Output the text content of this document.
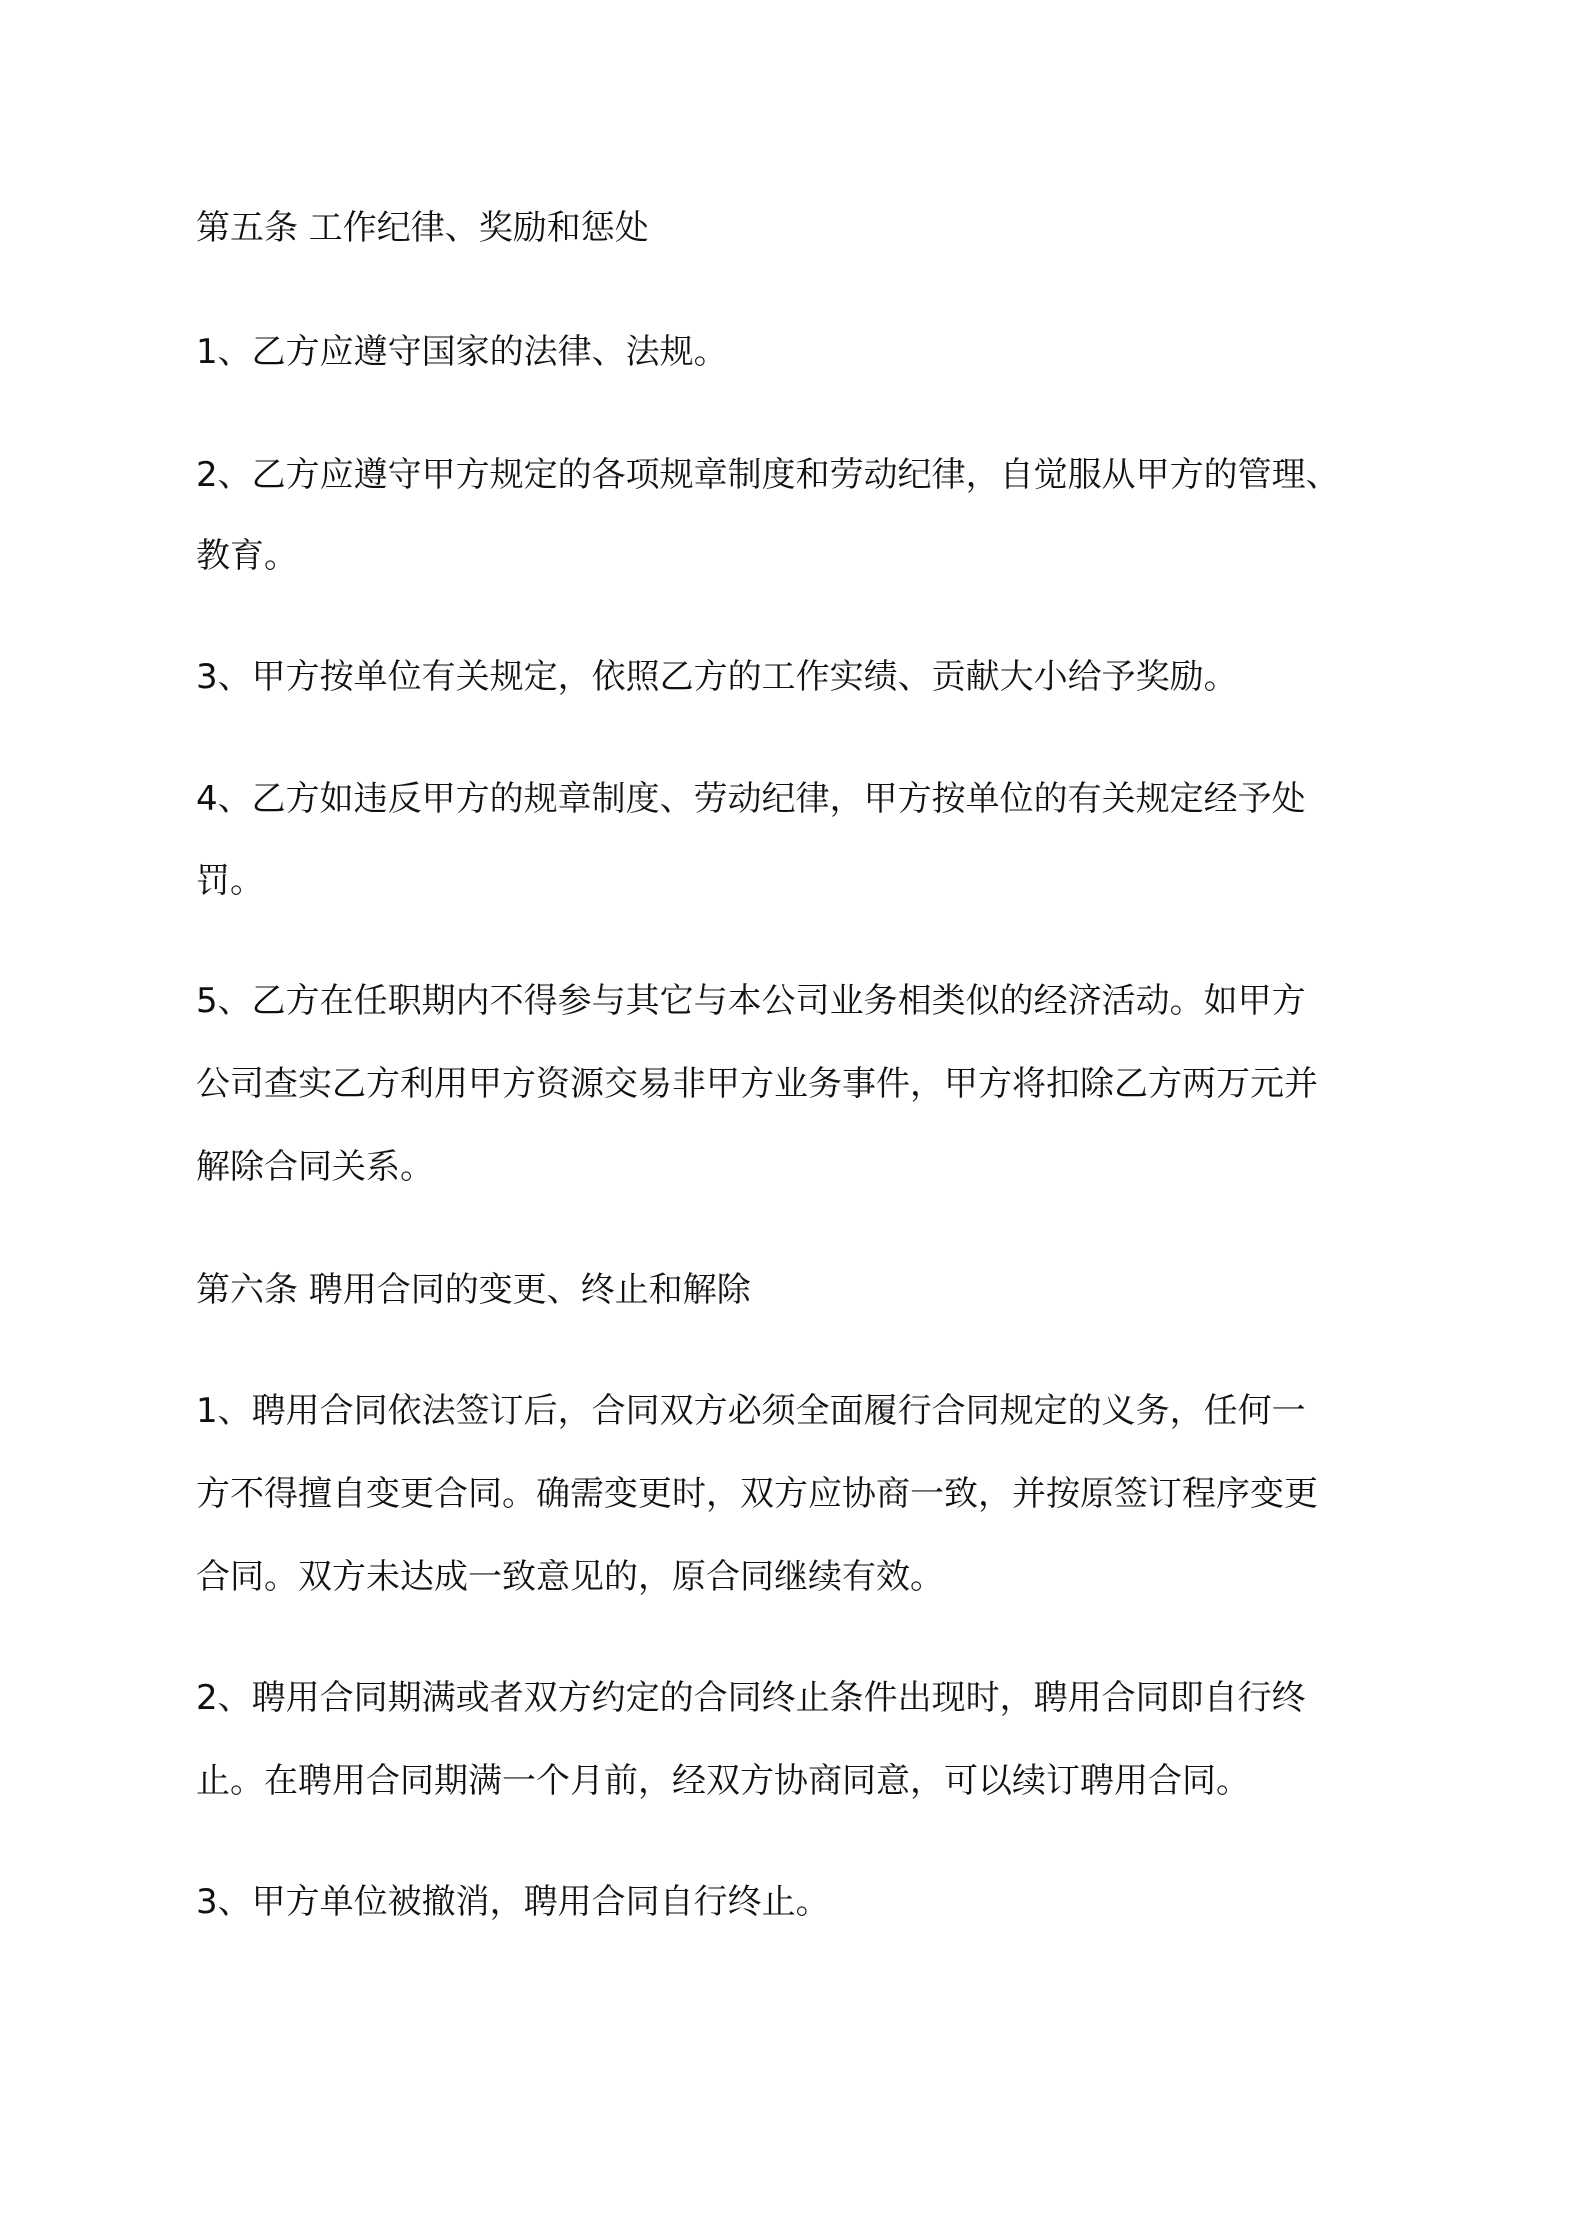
第五条 工作纪律、奖励和惩处
1、乙方应遵守国家的法律、法规。
2、乙方应遵守甲方规定的各项规章制度和劳动纪律，自觉服从甲方的管理、
教育。
3、甲方按单位有关规定，依照乙方的工作实绩、贡献大小给予奖励。
4、乙方如违反甲方的规章制度、劳动纪律，甲方按单位的有关规定经予处
罚。
5、乙方在任职期内不得参与其它与本公司业务相类似的经济活动。如甲方
公司查实乙方利用甲方资源交易非甲方业务事件，甲方将扣除乙方两万元并
解除合同关系。
第六条 聘用合同的变更、终止和解除
1、聘用合同依法签订后，合同双方必须全面履行合同规定的义务，任何一
方不得擅自变更合同。确需变更时，双方应协商一致，并按原签订程序变更
合同。双方未达成一致意见的，原合同继续有效。
2、聘用合同期满或者双方约定的合同终止条件出现时，聘用合同即自行终
止。在聘用合同期满一个月前，经双方协商同意，可以续订聘用合同。
3、甲方单位被撤消，聘用合同自行终止。
